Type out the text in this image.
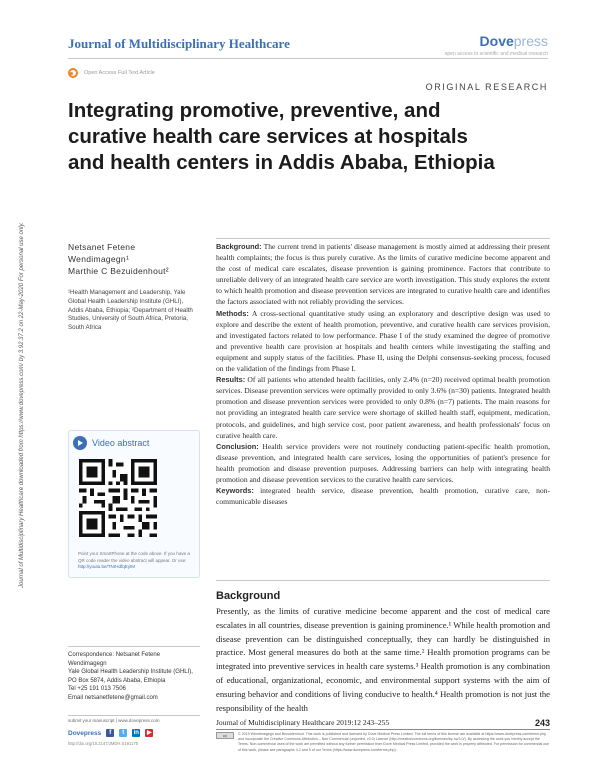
Journal of Multidisciplinary Healthcare downloaded from https://www.dovepress.com/ by 3.92.37.2 on 22-May-2020 For personal use only.
Journal of Multidisciplinary Healthcare	Dovepress
open access to scientific and medical research
Open Access Full Text Article
ORIGINAL RESEARCH
Integrating promotive, preventive, and curative health care services at hospitals and health centers in Addis Ababa, Ethiopia
Netsanet Fetene
Wendimagegn¹
Marthie C Bezuidenhout²
¹Health Management and Leadership, Yale Global Health Leadership Institute (GHLI), Addis Ababa, Ethiopia; ²Department of Health Studies, University of South Africa, Pretoria, South Africa
Video abstract
Point your SmartPhone at the code above. If you have a QR code reader the video abstract will appear. Or use: http://youtu.be/TNrHdfqEyIM

Background: The current trend in patients' disease management is mostly aimed at addressing their present health complaints; the focus is thus purely curative. As the limits of curative medicine become apparent and the cost of medical care escalates, disease prevention is gaining prominence. Factors that contribute to unreliable delivery of an integrated health care service are worth investigation. This study explores the extent to which health promotion and disease prevention services are integrated to curative health care and identifies the factors associated with not reliably providing the services.

Methods: A cross-sectional quantitative study using an exploratory and descriptive design was used to explore and describe the extent of health promotion, preventive, and curative health care services provision, and investigated factors related to low performance. Phase I of the study examined the degree of promotive and preventive health care provision at hospitals and health centers while investigating the staffing and equipment and supply status of the facilities. Phase II, using the Delphi consensus-seeking process, focused on the validation of the findings from Phase I.

Results: Of all patients who attended health facilities, only 2.4% (n=20) received optimal health promotion services. Disease prevention services were optimally provided to only 3.6% (n=30) patients. Integrated health promotion and disease prevention services were provided to only 0.8% (n=7) patients. The main reasons for not providing an integrated health care service were shortage of skilled health staff, equipment, medication, protocols, and guidelines, and high service cost, poor patient awareness, and health professionals' focus on curative health care.

Conclusion: Health service providers were not routinely conducting patient-specific health promotion, disease prevention, and integrated health care services, losing the opportunities of patient's presence for health promotion and disease prevention purposes. Addressing barriers can help with integrating health promotion and disease prevention services to the curative health care services.

Keywords: integrated health service, disease prevention, health promotion, curative care, non-communicable diseases

Background
Presently, as the limits of curative medicine become apparent and the cost of medical care escalates in all countries, disease prevention is gaining prominence.¹ While health promotion and disease prevention can be distinguished conceptually, they can hardly be distinguished in practice. Most general measures do both at the same time.² Health promotion programs can be integrated into preventive services in health care systems.³ Health promotion is any combination of educational, organizational, economic, and environmental support systems with the aim of ensuring behavior and conditions of living conducive to health.⁴ Health promotion is not just the responsibility of the health
Correspondence: Netsanet Fetene Wendimagegn
Yale Global Health Leadership Institute (GHLI), PO Box 5874, Addis Ababa, Ethiopia
Tel +25 191 013 7506
Email netsanetfetene@gmail.com
submit your manuscript | www.dovepress.com
Dovepress	f	t	in ▶
http://doi.org/10.2147/JMDH.S191175
Journal of Multidisciplinary Healthcare 2019:12 243–255	243
cc	© 2019 Wendimagegn and Bezuidenhout. This work is published and licensed by Dove Medical Press Limited. The full terms of this license are available at https://www.dovepress.com/terms.php and incorporate the Creative Commons Attribution – Non Commercial (unported, v3.0) License (http://creativecommons.org/licenses/by-nc/3.0/). By accessing the work you hereby accept the Terms. Non-commercial uses of the work are permitted without any further permission from Dove Medical Press Limited, provided the work is properly attributed. For permission for commercial use of this work, please see paragraphs 4.2 and 5 of our Terms (https://www.dovepress.com/terms.php).
